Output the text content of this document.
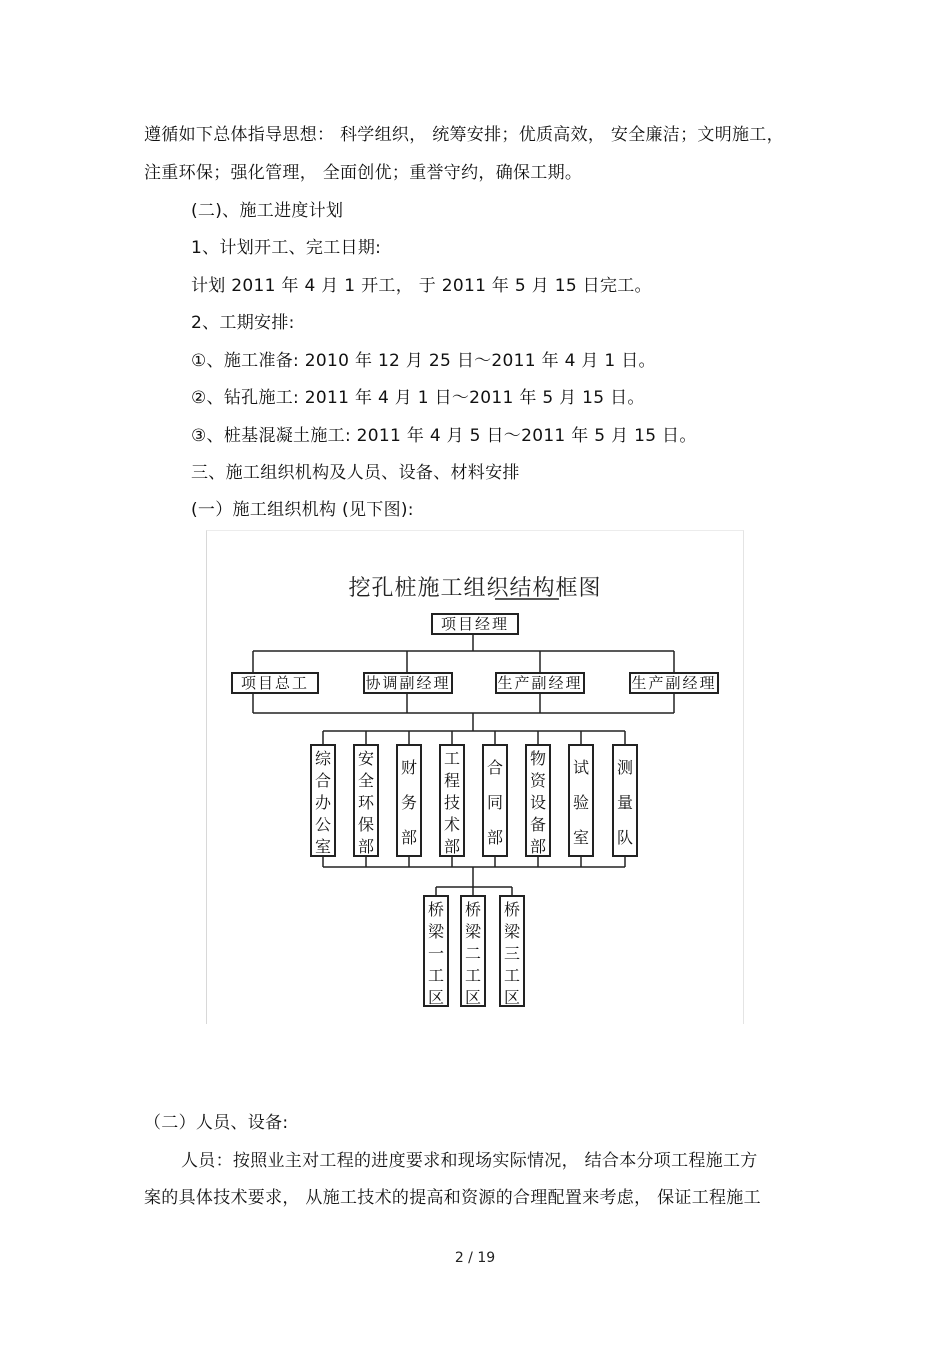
遵循如下总体指导思想： 科学组织， 统筹安排；优质高效， 安全廉洁；文明施工，
注重环保；强化管理， 全面创优；重誉守约，确保工期。
(二)、施工进度计划
1、计划开工、完工日期:
计划 2011 年 4 月 1 开工， 于 2011 年 5 月 15 日完工。
2、工期安排:
①、施工准备: 2010 年 12 月 25 日～2011 年 4 月 1 日。
②、钻孔施工: 2011 年 4 月 1 日～2011 年 5 月 15 日。
③、桩基混凝土施工: 2011 年 4 月 5 日～2011 年 5 月 15 日。
三、施工组织机构及人员、设备、材料安排
(一）施工组织机构 (见下图):
挖孔桩施工组织结构框图
项目经理
项目总工	协调副经理	生产副经理	生产副经理
综
合
办
公
室
安
全
环
保
部
财
务
部
工
程
技
术
部
合
同
部
物
资
设
备
部
试
验
室
测
量
队
桥
梁
一
工
区
桥
梁
二
工
区
桥
梁
三
工
区
（二）人员、设备:
人员：按照业主对工程的进度要求和现场实际情况， 结合本分项工程施工方
案的具体技术要求， 从施工技术的提高和资源的合理配置来考虑， 保证工程施工
2 / 19
